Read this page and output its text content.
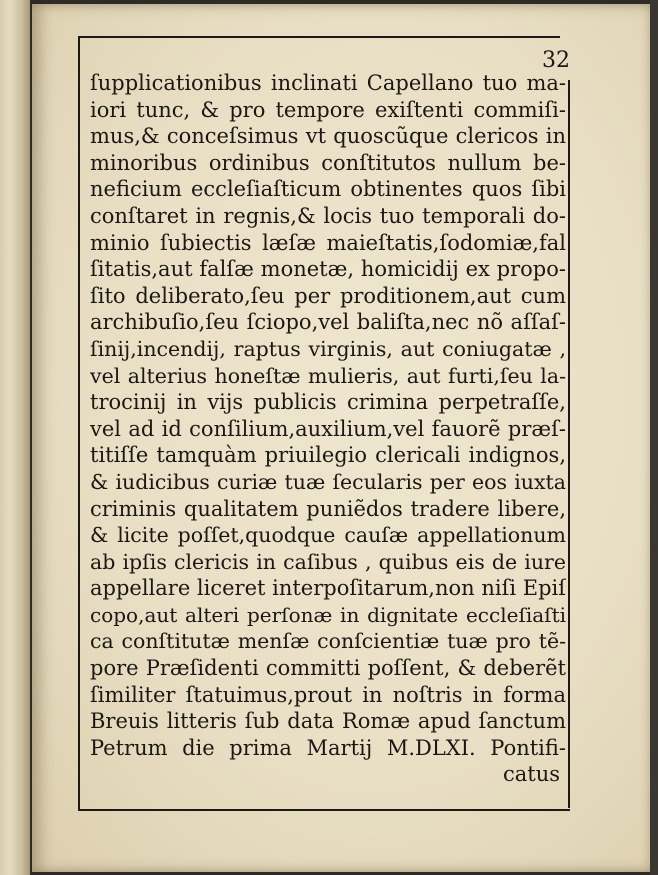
32
ſupplicationibus inclinati Capellano tuo ma-
iori tunc, & pro tempore exiſtenti commiſi-
mus,& conceſsimus vt quoscũque clericos in
minoribus ordinibus conſtitutos nullum be-
neficium eccleſiaſticum obtinentes quos ſibi
conſtaret in regnis,& locis tuo temporali do-
minio ſubiectis læſæ maieſtatis,ſodomiæ,fal
ſitatis,aut falſæ monetæ, homicidij ex propo-
ſito deliberato,ſeu per proditionem,aut cum
archibuſio,ſeu ſciopo,vel baliſta,nec nõ aſſaſ-
ſinij,incendij, raptus virginis, aut coniugatæ ,
vel alterius honeſtæ mulieris, aut furti,ſeu la-
trocinij in vijs publicis crimina perpetraſſe,
vel ad id conſilium,auxilium,vel fauorẽ præſ-
titiſſe tamquàm priuilegio clericali indignos,
& iudicibus curiæ tuæ ſecularis per eos iuxta
criminis qualitatem puniẽdos tradere libere,
& licite poſſet,quodque cauſæ appellationum
ab ipſis clericis in caſibus , quibus eis de iure
appellare liceret interpoſitarum,non niſi Epiſ
copo,aut alteri perſonæ in dignitate eccleſiaſti
ca conſtitutæ menſæ conſcientiæ tuæ pro tẽ-
pore Præſidenti committi poſſent, & deberẽt
ſimiliter ſtatuimus,prout in noſtris in forma
Breuis litteris ſub data Romæ apud ſanctum
Petrum die prima Martij M.DLXI. Pontifi-
catus
